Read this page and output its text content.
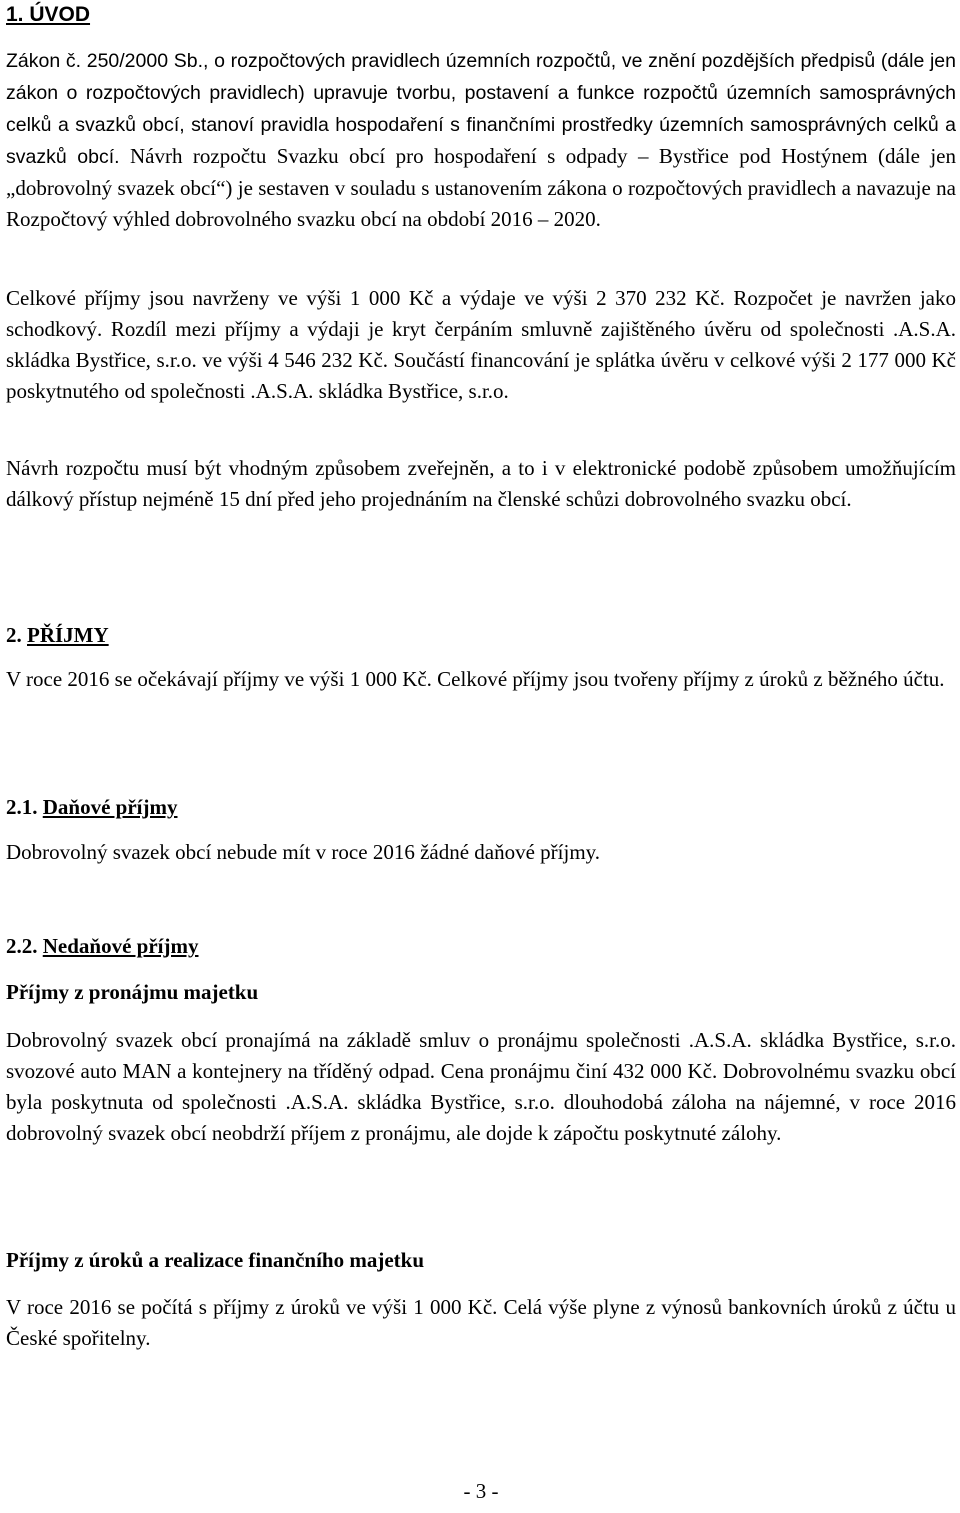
1. ÚVOD

Zákon č. 250/2000 Sb., o rozpočtových pravidlech územních rozpočtů, ve znění pozdějších předpisů (dále jen zákon o rozpočtových pravidlech) upravuje tvorbu, postavení a funkce rozpočtů územních samosprávných celků a svazků obcí, stanoví pravidla hospodaření s finančními prostředky územních samosprávných celků a svazků obcí. Návrh rozpočtu Svazku obcí pro hospodaření s odpady – Bystřice pod Hostýnem (dále jen „dobrovolný svazek obcí“) je sestaven v souladu s ustanovením zákona o rozpočtových pravidlech a navazuje na Rozpočtový výhled dobrovolného svazku obcí na období 2016 – 2020.

Celkové příjmy jsou navrženy ve výši 1 000 Kč a výdaje ve výši 2 370 232 Kč. Rozpočet je navržen jako schodkový. Rozdíl mezi příjmy a výdaji je kryt čerpáním smluvně zajištěného úvěru od společnosti .A.S.A. skládka Bystřice, s.r.o. ve výši 4 546 232 Kč. Součástí financování je splátka úvěru v celkové výši 2 177 000 Kč poskytnutého od společnosti .A.S.A. skládka Bystřice, s.r.o.

Návrh rozpočtu musí být vhodným způsobem zveřejněn, a to i v elektronické podobě způsobem umožňujícím dálkový přístup nejméně 15 dní před jeho projednáním na členské schůzi dobrovolného svazku obcí.

2. PŘÍJMY

V roce 2016 se očekávají příjmy ve výši 1 000 Kč. Celkové příjmy jsou tvořeny příjmy z úroků z běžného účtu.

2.1. Daňové příjmy

Dobrovolný svazek obcí nebude mít v roce 2016 žádné daňové příjmy.

2.2. Nedaňové příjmy

Příjmy z pronájmu majetku

Dobrovolný svazek obcí pronajímá na základě smluv o pronájmu společnosti .A.S.A. skládka Bystřice, s.r.o. svozové auto MAN a kontejnery na tříděný odpad. Cena pronájmu činí 432 000 Kč. Dobrovolnému svazku obcí byla poskytnuta od společnosti .A.S.A. skládka Bystřice, s.r.o. dlouhodobá záloha na nájemné, v roce 2016 dobrovolný svazek obcí neobdrží příjem z pronájmu, ale dojde k zápočtu poskytnuté zálohy.

Příjmy z úroků a realizace finančního majetku

V roce 2016 se počítá s příjmy z úroků ve výši 1 000 Kč. Celá výše plyne z výnosů bankovních úroků z účtu u České spořitelny.

- 3 -
